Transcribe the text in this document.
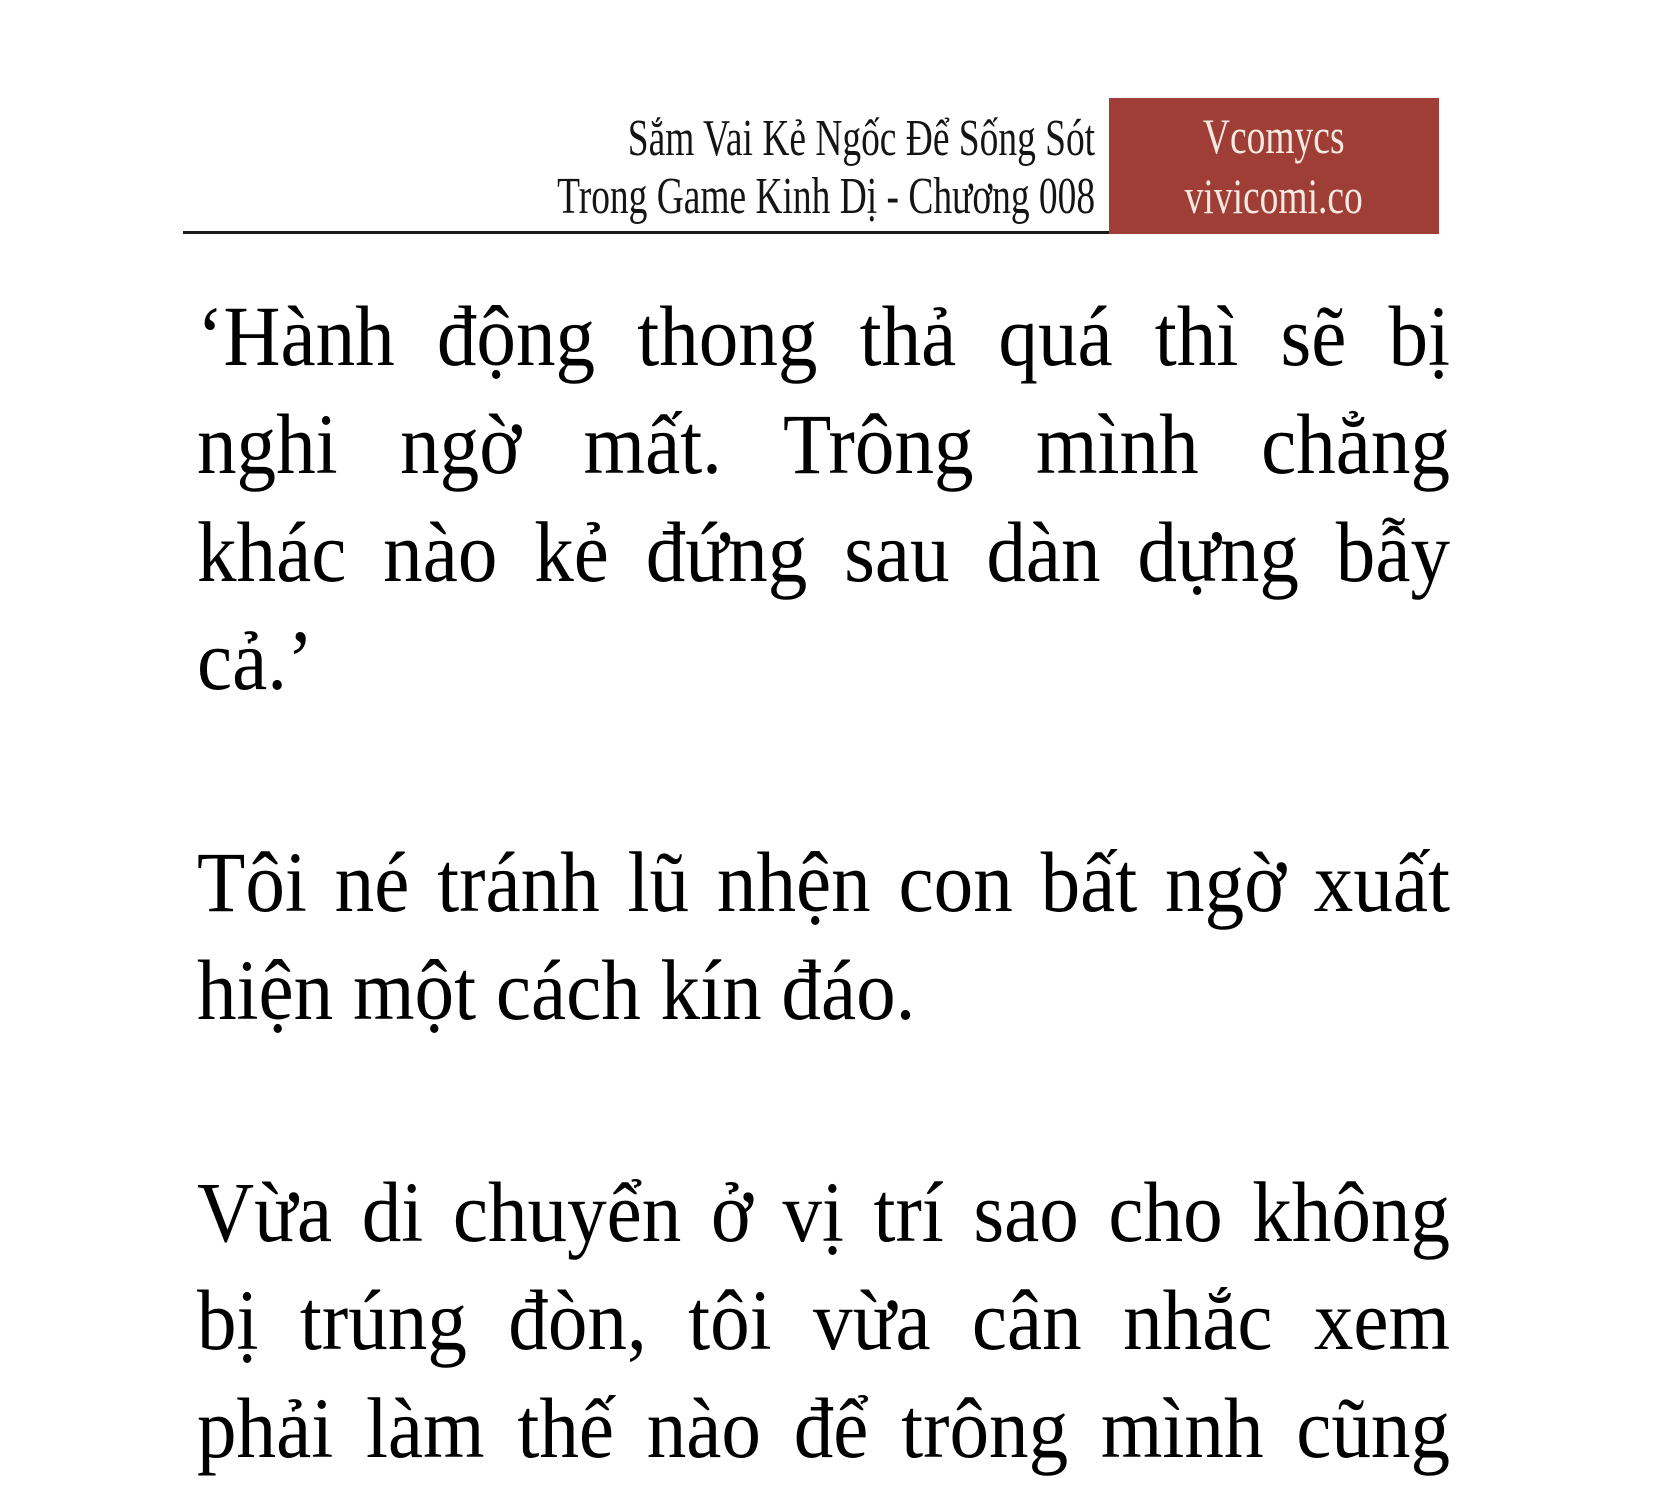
Sắm Vai Kẻ Ngốc Để Sống Sót
Trong Game Kinh Dị - Chương 008
Vcomycs
vivicomi.co
‘Hành động thong thả quá thì sẽ bị
nghi ngờ mất. Trông mình chẳng
khác nào kẻ đứng sau dàn dựng bẫy
cả.’
Tôi né tránh lũ nhện con bất ngờ xuất
hiện một cách kín đáo.
Vừa di chuyển ở vị trí sao cho không
bị trúng đòn, tôi vừa cân nhắc xem
phải làm thế nào để trông mình cũng
